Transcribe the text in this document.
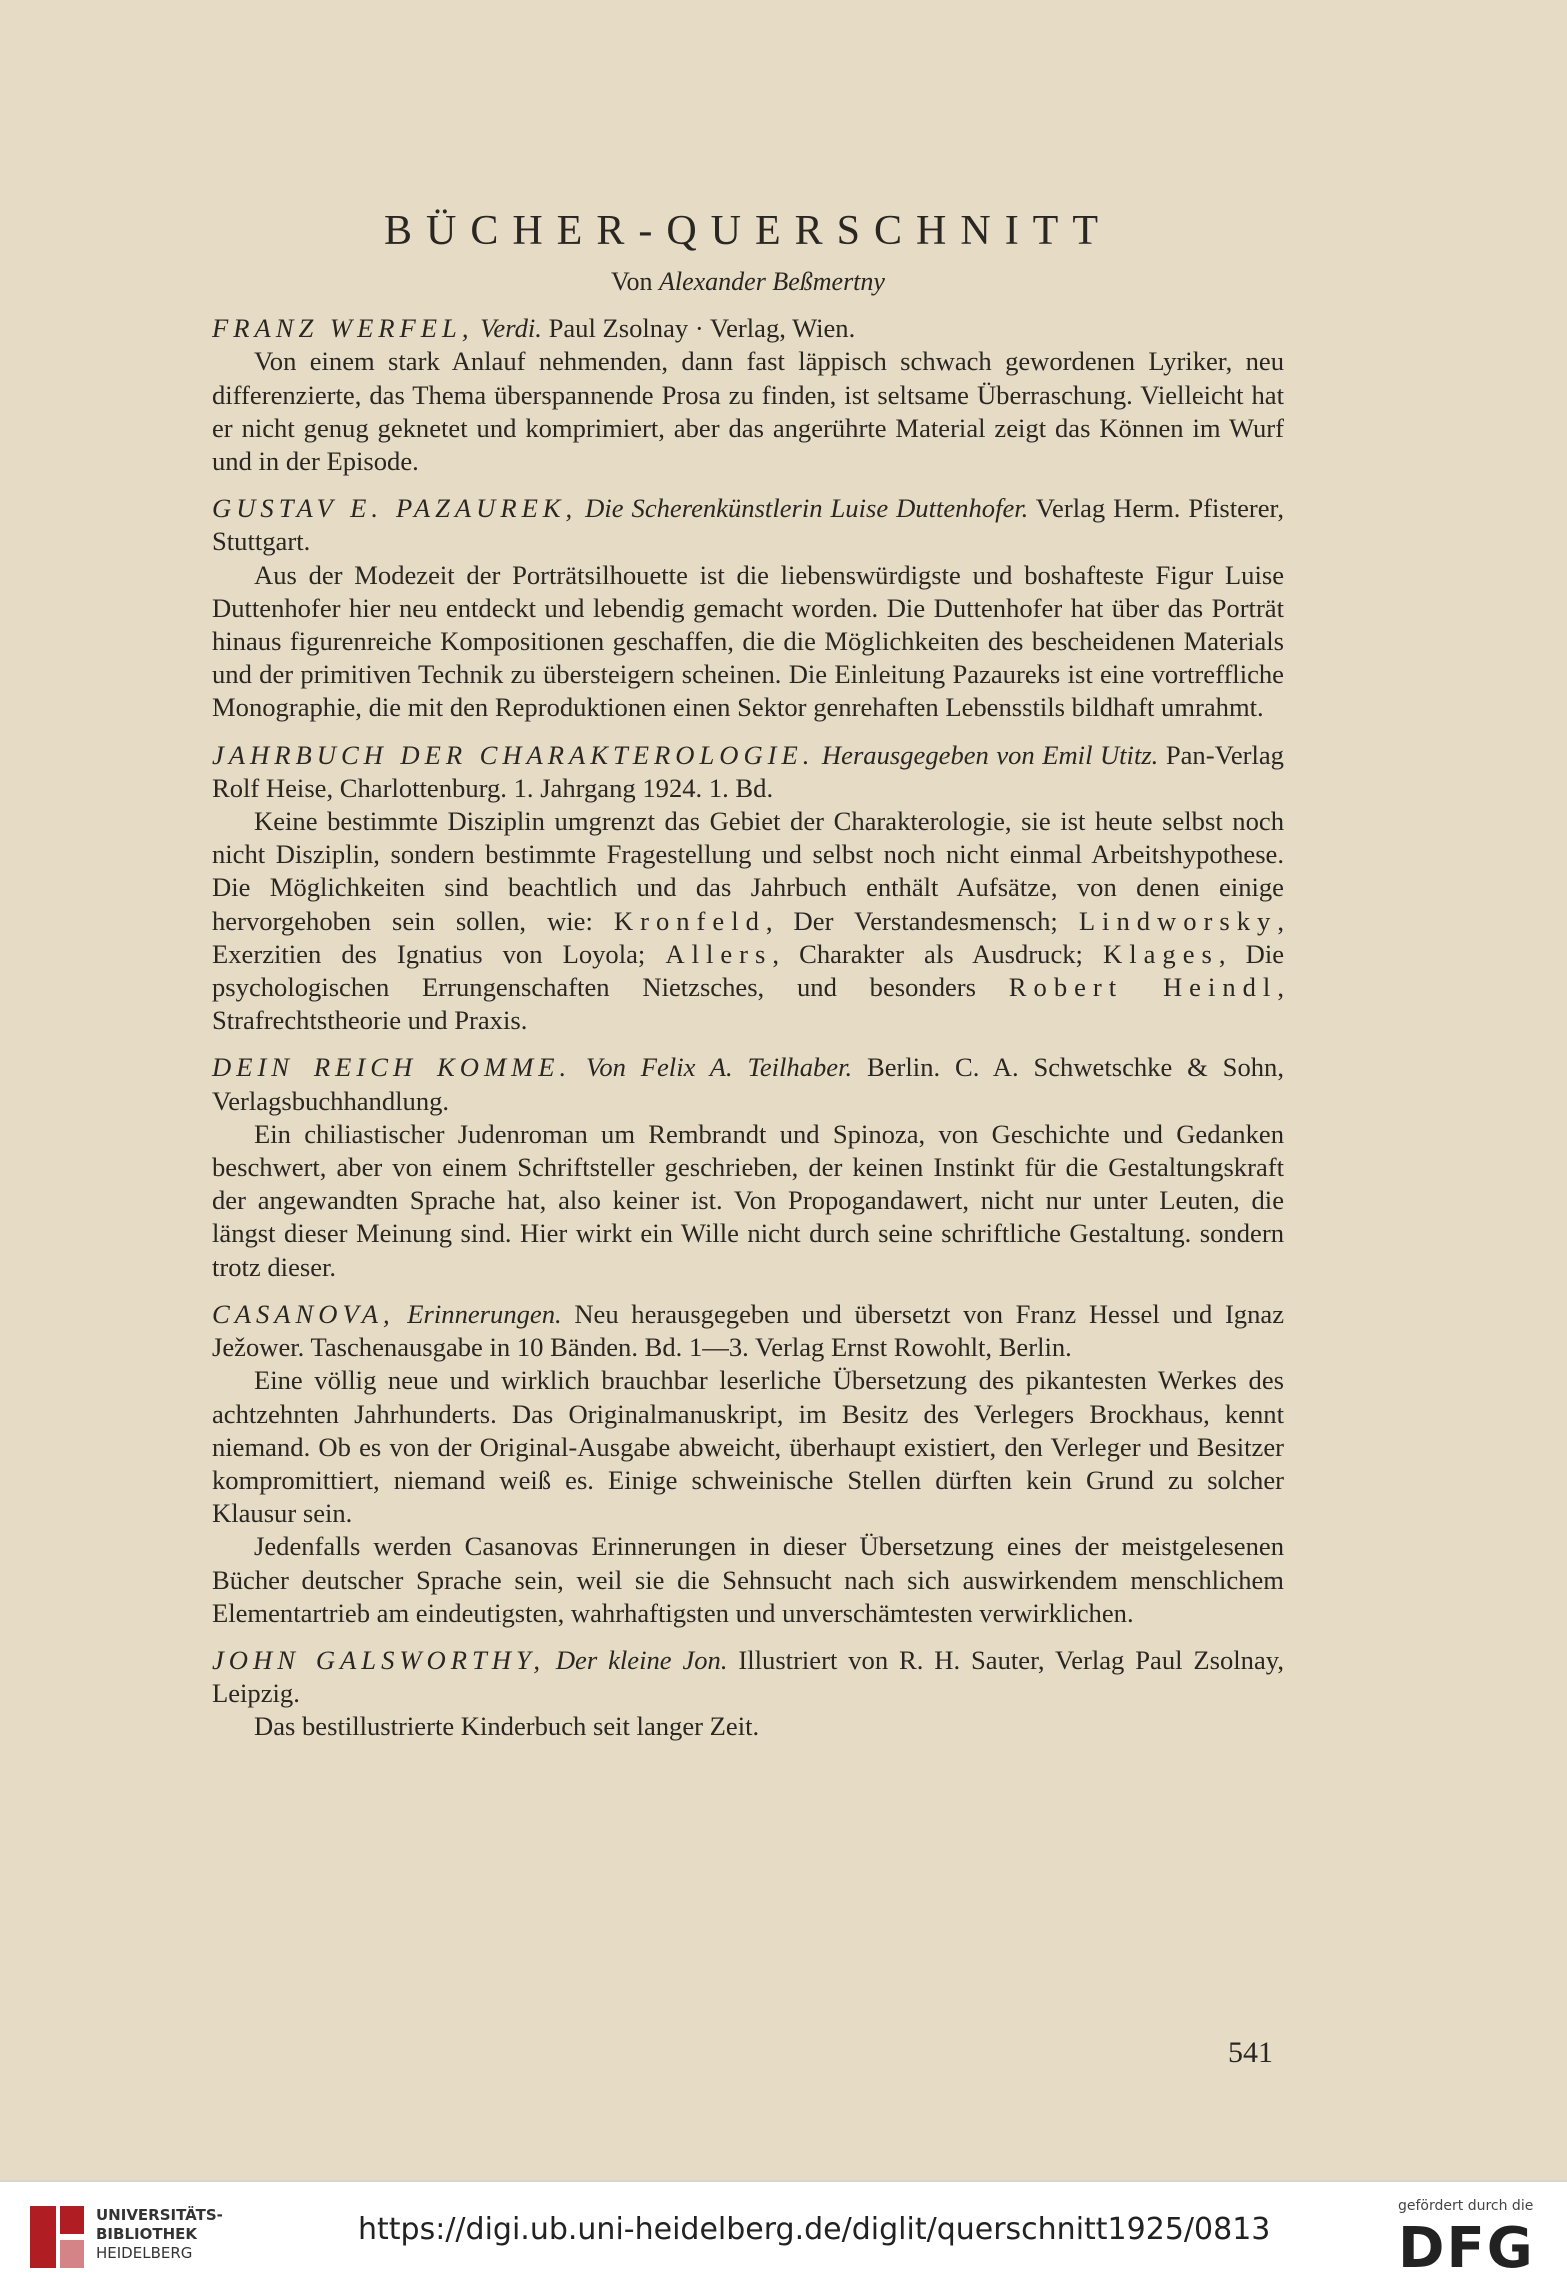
BÜCHER-QUERSCHNITT
Von Alexander Beßmertny

FRANZ WERFEL, Verdi. Paul Zsolnay · Verlag, Wien.

Von einem stark Anlauf nehmenden, dann fast läppisch schwach gewordenen Lyriker, neu differenzierte, das Thema überspannende Prosa zu finden, ist seltsame Überraschung. Vielleicht hat er nicht genug geknetet und komprimiert, aber das angerührte Material zeigt das Können im Wurf und in der Episode.

GUSTAV E. PAZAUREK, Die Scherenkünstlerin Luise Duttenhofer. Verlag Herm. Pfisterer, Stuttgart.

Aus der Modezeit der Porträtsilhouette ist die liebenswürdigste und boshafteste Figur Luise Duttenhofer hier neu entdeckt und lebendig gemacht worden. Die Duttenhofer hat über das Porträt hinaus figurenreiche Kompositionen geschaffen, die die Möglichkeiten des bescheidenen Materials und der primitiven Technik zu übersteigern scheinen. Die Einleitung Pazaureks ist eine vortreffliche Monographie, die mit den Reproduktionen einen Sektor genrehaften Lebensstils bildhaft umrahmt.

JAHRBUCH DER CHARAKTEROLOGIE. Herausgegeben von Emil Utitz. Pan-Verlag Rolf Heise, Charlottenburg. 1. Jahrgang 1924. 1. Bd.

Keine bestimmte Disziplin umgrenzt das Gebiet der Charakterologie, sie ist heute selbst noch nicht Disziplin, sondern bestimmte Fragestellung und selbst noch nicht einmal Arbeitshypothese. Die Möglichkeiten sind beachtlich und das Jahrbuch enthält Aufsätze, von denen einige hervorgehoben sein sollen, wie: Kronfeld, Der Verstandesmensch; Lindworsky, Exerzitien des Ignatius von Loyola; Allers, Charakter als Ausdruck; Klages, Die psychologischen Errungenschaften Nietzsches, und besonders Robert Heindl, Strafrechtstheorie und Praxis.

DEIN REICH KOMME. Von Felix A. Teilhaber. Berlin. C. A. Schwetschke & Sohn, Verlagsbuchhandlung.

Ein chiliastischer Judenroman um Rembrandt und Spinoza, von Geschichte und Gedanken beschwert, aber von einem Schriftsteller geschrieben, der keinen Instinkt für die Gestaltungskraft der angewandten Sprache hat, also keiner ist. Von Propogandawert, nicht nur unter Leuten, die längst dieser Meinung sind. Hier wirkt ein Wille nicht durch seine schriftliche Gestaltung. sondern trotz dieser.

CASANOVA, Erinnerungen. Neu herausgegeben und übersetzt von Franz Hessel und Ignaz Ježower. Taschenausgabe in 10 Bänden. Bd. 1—3. Verlag Ernst Rowohlt, Berlin.

Eine völlig neue und wirklich brauchbar leserliche Übersetzung des pikantesten Werkes des achtzehnten Jahrhunderts. Das Originalmanuskript, im Besitz des Verlegers Brockhaus, kennt niemand. Ob es von der Original-Ausgabe abweicht, überhaupt existiert, den Verleger und Besitzer kompromittiert, niemand weiß es. Einige schweinische Stellen dürften kein Grund zu solcher Klausur sein.

Jedenfalls werden Casanovas Erinnerungen in dieser Übersetzung eines der meistgelesenen Bücher deutscher Sprache sein, weil sie die Sehnsucht nach sich auswirkendem menschlichem Elementartrieb am eindeutigsten, wahrhaftigsten und unverschämtesten verwirklichen.

JOHN GALSWORTHY, Der kleine Jon. Illustriert von R. H. Sauter, Verlag Paul Zsolnay, Leipzig.

Das bestillustrierte Kinderbuch seit langer Zeit.

541
UNIVERSITÄTS-
BIBLIOTHEK
HEIDELBERG
https://digi.ub.uni-heidelberg.de/diglit/querschnitt1925/0813
gefördert durch die
DFG
